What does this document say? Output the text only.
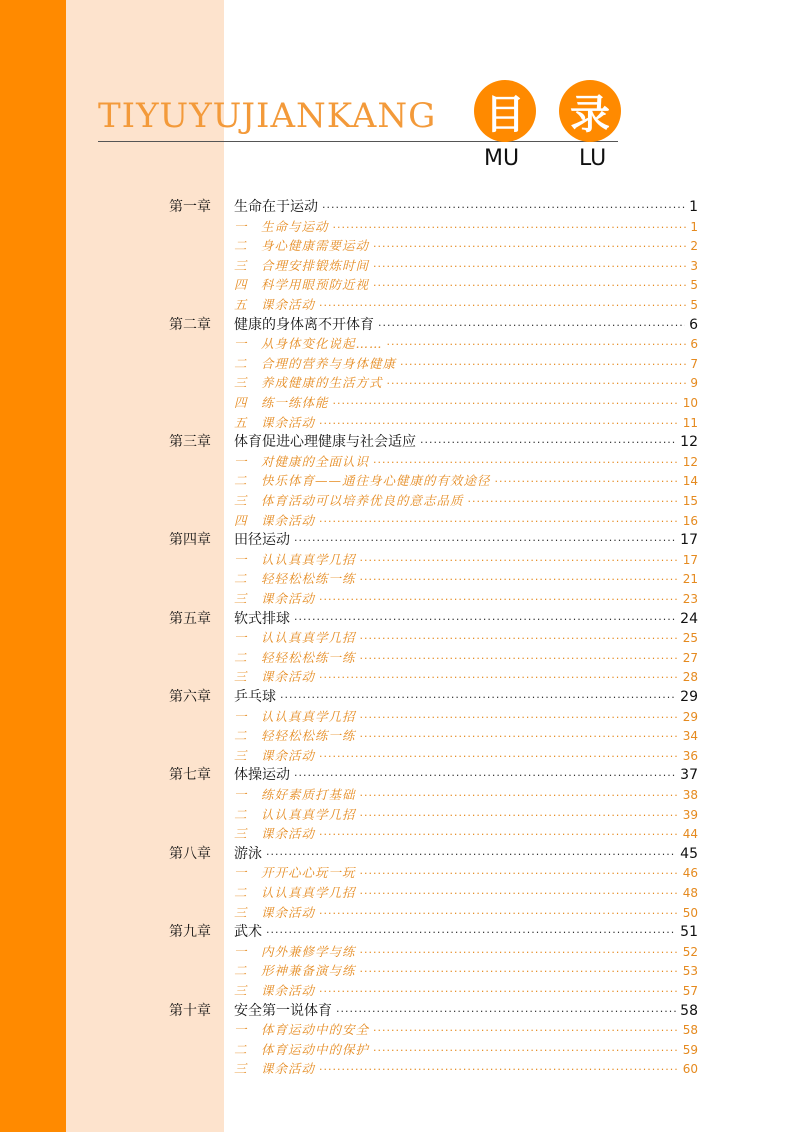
TIYUYUJIANKANG 目 录
MU	LU
第一章	生命在于运动 ·····	1
一　生命与运动 ·····	1
二　身心健康需要运动 ·····	2
三　合理安排锻炼时间 ·····	3
四　科学用眼预防近视 ·····	5
五　课余活动 ·····	5
第二章	健康的身体离不开体育 ·····	6
一　从身体变化说起…… ·····	6
二　合理的营养与身体健康 ·····	7
三　养成健康的生活方式 ·····	9
四　练一练体能 ·····	10
五　课余活动 ·····	11
第三章	体育促进心理健康与社会适应 ·····	12
一　对健康的全面认识 ·····	12
二　快乐体育——通往身心健康的有效途径 ·····	14
三　体育活动可以培养优良的意志品质 ·····	15
四　课余活动 ·····	16
第四章	田径运动 ·····	17
一　认认真真学几招 ·····	17
二　轻轻松松练一练 ·····	21
三　课余活动 ·····	23
第五章	软式排球 ·····	24
一　认认真真学几招 ·····	25
二　轻轻松松练一练 ·····	27
三　课余活动 ·····	28
第六章	乒乓球 ·····	29
一　认认真真学几招 ·····	29
二　轻轻松松练一练 ·····	34
三　课余活动 ·····	36
第七章	体操运动 ·····	37
一　练好素质打基础 ·····	38
二　认认真真学几招 ·····	39
三　课余活动 ·····	44
第八章	游泳 ·····	45
一　开开心心玩一玩 ·····	46
二　认认真真学几招 ·····	48
三　课余活动 ·····	50
第九章	武术 ·····	51
一　内外兼修学与练 ·····	52
二　形神兼备演与练 ·····	53
三　课余活动 ·····	57
第十章	安全第一说体育 ·····	58
一　体育运动中的安全 ·····	58
二　体育运动中的保护 ·····	59
三　课余活动 ·····	60
